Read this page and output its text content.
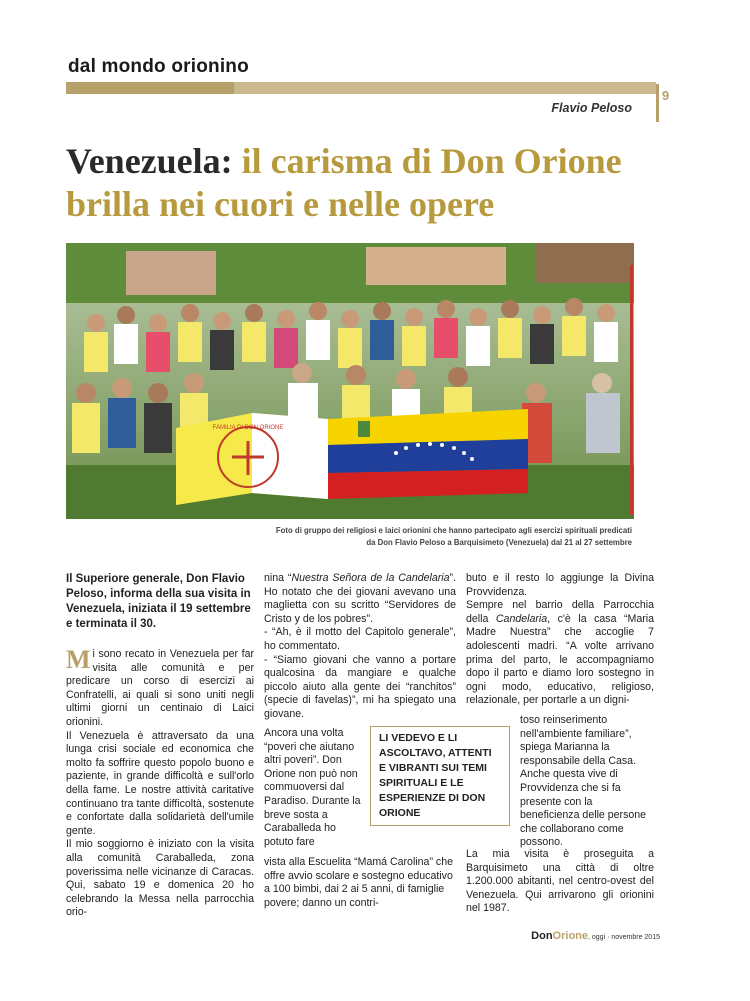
dal mondo orionino
9
Flavio Peloso
Venezuela: il carisma di Don Orione brilla nei cuori e nelle opere
FAMILIA DI DON ORIONE
Foto di gruppo dei religiosi e laici orionini che hanno partecipato agli esercizi spirituali predicati
da Don Flavio Peloso a Barquisimeto (Venezuela) dal 21 al 27 settembre
Il Superiore generale, Don Flavio Peloso, informa della sua visita in Venezuela, iniziata il 19 settembre e terminata il 30.

Mi sono recato in Venezuela per far visita alle comunità e per predicare un corso di esercizi ai Confratelli, ai quali si sono uniti negli ultimi giorni un centinaio di Laici orionini.

Il Venezuela è attraversato da una lunga crisi sociale ed economica che molto fa soffrire questo popolo buono e paziente, in grande difficoltà e sull'orlo della fame. Le nostre attività caritative continuano tra tante difficoltà, sostenute e confortate dalla solidarietà dell'umile gente.

Il mio soggiorno è iniziato con la visita alla comunità Caraballeda, zona poverissima nelle vicinanze di Caracas. Qui, sabato 19 e domenica 20 ho celebrando la Messa nella parrocchia orio-

nina “Nuestra Señora de la Candelaria”. Ho notato che dei giovani avevano una maglietta con su scritto “Servidores de Cristo y de los pobres”.

- “Ah, è il motto del Capitolo generale”, ho commentato.

- “Siamo giovani che vanno a portare qualcosina da mangiare e qualche piccolo aiuto alla gente dei “ranchitos” (specie di favelas)”, mi ha spiegato una giovane.

Ancora una volta “poveri che aiutano altri poveri”. Don Orione non può non commuoversi dal Paradiso. Durante la breve sosta a Caraballeda ho potuto fare
LI VEDEVO E LI ASCOLTAVO, ATTENTI E VIBRANTI SUI TEMI SPIRITUALI E LE ESPERIENZE DI DON ORIONE
vista alla Escuelita “Mamá Carolina” che offre avvio scolare e sostegno educativo a 100 bimbi, dai 2 ai 5 anni, di famiglie povere; danno un contri-

buto e il resto lo aggiunge la Divina Provvidenza.

Sempre nel barrio della Parrocchia della Candelaria, c'è la casa “Maria Madre Nuestra” che accoglie 7 adolescenti madri. “A volte arrivano prima del parto, le accompagniamo dopo il parto e diamo loro sostegno in ogni modo, educativo, religioso, relazionale, per portarle a un digni-

toso reinserimento nell'ambiente familiare”, spiega Marianna la responsabile della Casa. Anche questa vive di Provvidenza che si fa presente con la beneficienza delle persone che collaborano come possono.
La mia visita è proseguita a Barquisimeto una città di oltre 1.200.000 abitanti, nel centro-ovest del Venezuela. Qui arrivarono gli orionini nel 1987.
DonOrione, oggi · novembre 2015
